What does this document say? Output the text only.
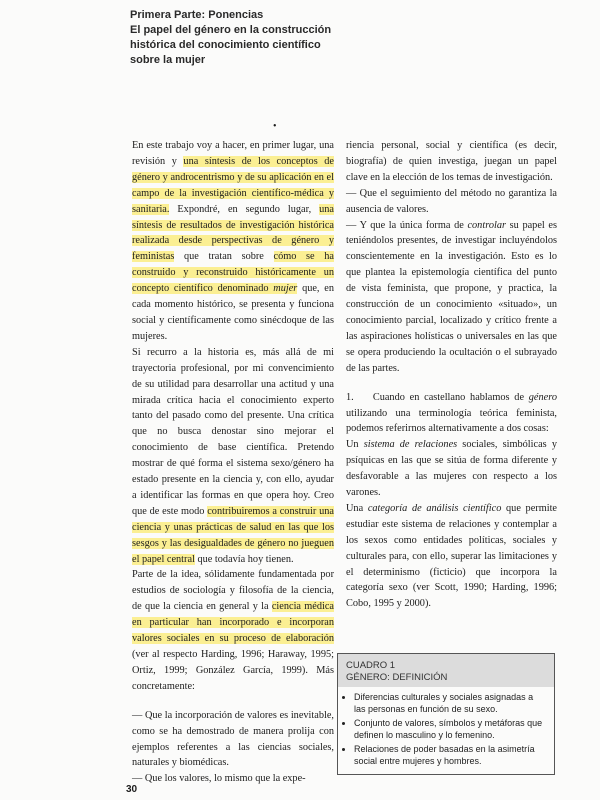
Primera Parte: Ponencias
El papel del género en la construcción
histórica del conocimiento científico
sobre la mujer
•

En este trabajo voy a hacer, en primer lugar, una revisión y una síntesis de los conceptos de género y androcentrismo y de su aplicación en el campo de la investigación científico-médica y sanitaria. Expondré, en segundo lugar, una síntesis de resultados de investigación histórica realizada desde perspectivas de género y feministas que tratan sobre cómo se ha construido y reconstruido históricamente un concepto científico denominado mujer que, en cada momento histórico, se presenta y funciona social y científicamente como sinécdoque de las mujeres.

Si recurro a la historia es, más allá de mi trayectoria profesional, por mi convencimiento de su utilidad para desarrollar una actitud y una mirada crítica hacia el conocimiento experto tanto del pasado como del presente. Una crítica que no busca denostar sino mejorar el conocimiento de base científica. Pretendo mostrar de qué forma el sistema sexo/género ha estado presente en la ciencia y, con ello, ayudar a identificar las formas en que opera hoy. Creo que de este modo contribuiremos a construir una ciencia y unas prácticas de salud en las que los sesgos y las desigualdades de género no jueguen el papel central que todavía hoy tienen.

Parte de la idea, sólidamente fundamentada por estudios de sociología y filosofía de la ciencia, de que la ciencia en general y la ciencia médica en particular han incorporado e incorporan valores sociales en su proceso de elaboración (ver al respecto Harding, 1996; Haraway, 1995; Ortiz, 1999; González García, 1999). Más concretamente:

— Que la incorporación de valores es inevitable, como se ha demostrado de manera prolija con ejemplos referentes a las ciencias sociales, naturales y biomédicas.

— Que los valores, lo mismo que la expe-

riencia personal, social y científica (es decir, biografía) de quien investiga, juegan un papel clave en la elección de los temas de investigación.

— Que el seguimiento del método no garantiza la ausencia de valores.

— Y que la única forma de controlar su papel es teniéndolos presentes, de investigar incluyéndolos conscientemente en la investigación. Esto es lo que plantea la epistemología científica del punto de vista feminista, que propone, y practica, la construcción de un conocimiento «situado», un conocimiento parcial, localizado y crítico frente a las aspiraciones holísticas o universales en las que se opera produciendo la ocultación o el subrayado de las partes.

1. Cuando en castellano hablamos de género utilizando una terminología teórica feminista, podemos referirnos alternativamente a dos cosas:

Un sistema de relaciones sociales, simbólicas y psíquicas en las que se sitúa de forma diferente y desfavorable a las mujeres con respecto a los varones.

Una categoría de análisis científico que permite estudiar este sistema de relaciones y contemplar a los sexos como entidades políticas, sociales y culturales para, con ello, superar las limitaciones y el determinismo (ficticio) que incorpora la categoría sexo (ver Scott, 1990; Harding, 1996; Cobo, 1995 y 2000).

CUADRO 1
GÉNERO: DEFINICIÓN
• Diferencias culturales y sociales asignadas a las personas en función de su sexo.
• Conjunto de valores, símbolos y metáforas que definen lo masculino y lo femenino.
• Relaciones de poder basadas en la asimetría social entre mujeres y hombres.
30
